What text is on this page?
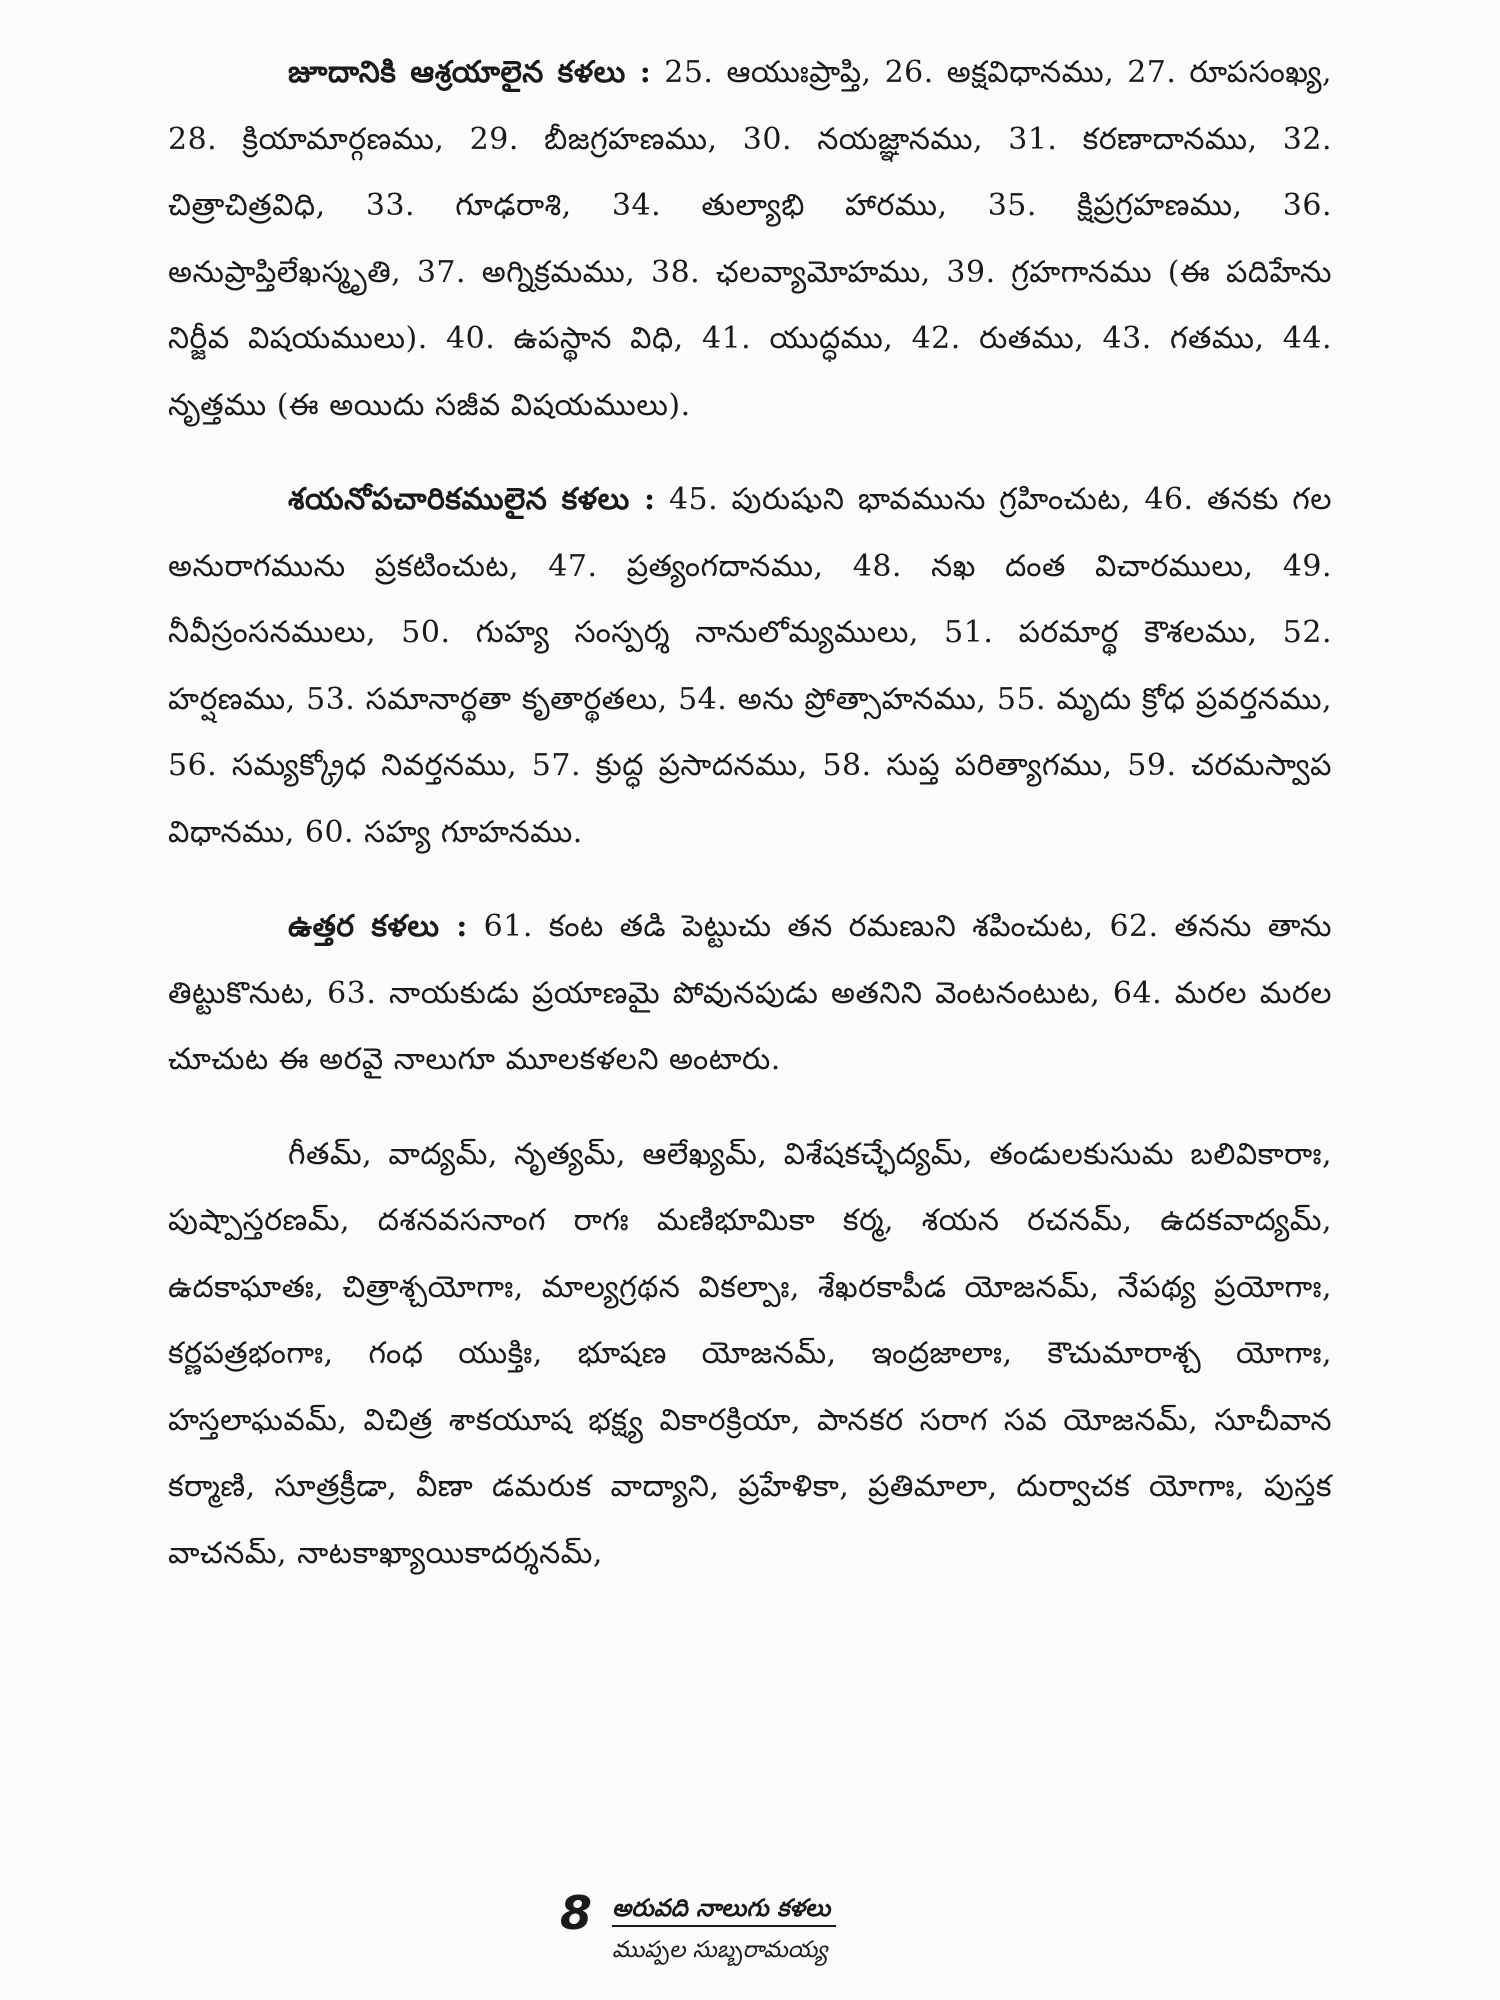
జూదానికి ఆశ్రయాలైన కళలు : 25. ఆయుఃప్రాప్తి, 26. అక్షవిధానము, 27. రూపసంఖ్య, 28. క్రియామార్గణము, 29. బీజగ్రహణము, 30. నయజ్ఞానము, 31. కరణాదానము, 32. చిత్రాచిత్రవిధి, 33. గూఢరాశి, 34. తుల్యాభి హారము, 35. క్షిప్రగ్రహణము, 36. అనుప్రాప్తిలేఖస్మృతి, 37. అగ్నిక్రమము, 38. ఛలవ్యామోహము, 39. గ్రహగానము (ఈ పదిహేను నిర్జీవ విషయములు). 40. ఉపస్థాన విధి, 41. యుద్ధము, 42. రుతము, 43. గతము, 44. నృత్తము (ఈ అయిదు సజీవ విషయములు).

శయనోపచారికములైన కళలు : 45. పురుషుని భావమును గ్రహించుట, 46. తనకు గల అనురాగమును ప్రకటించుట, 47. ప్రత్యంగదానము, 48. నఖ దంత విచారములు, 49. నీవీస్రంసనములు, 50. గుహ్య సంస్పర్శ నానులోమ్యములు, 51. పరమార్థ కౌశలము, 52. హర్షణము, 53. సమానార్థతా కృతార్థతలు, 54. అను ప్రోత్సాహనము, 55. మృదు క్రోధ ప్రవర్తనము, 56. సమ్యక్క్రోధ నివర్తనము, 57. క్రుద్ధ ప్రసాదనము, 58. సుప్త పరిత్యాగము, 59. చరమస్వాప విధానము, 60. సహ్య గూహనము.

ఉత్తర కళలు : 61. కంట తడి పెట్టుచు తన రమణుని శపించుట, 62. తనను తాను తిట్టుకొనుట, 63. నాయకుడు ప్రయాణమై పోవునపుడు అతనిని వెంటనంటుట, 64. మరల మరల చూచుట ఈ అరవై నాలుగూ మూలకళలని అంటారు.

గీతమ్, వాద్యమ్, నృత్యమ్, ఆలేఖ్యమ్, విశేషకచ్ఛేద్యమ్, తండులకుసుమ బలివికారాః, పుష్పాస్తరణమ్, దశనవసనాంగ రాగః మణిభూమికా కర్మ, శయన రచనమ్, ఉదకవాద్యమ్, ఉదకాఘాతః, చిత్రాశ్చయోగాః, మాల్యగ్రథన వికల్పాః, శేఖరకాపీడ యోజనమ్, నేపథ్య ప్రయోగాః, కర్ణపత్రభంగాః, గంధ యుక్తిః, భూషణ యోజనమ్, ఇంద్రజాలాః, కౌచుమారాశ్చ యోగాః, హస్తలాఘవమ్, విచిత్ర శాకయూష భక్ష్య వికారక్రియా, పానకర సరాగ సవ యోజనమ్, సూచీవాన కర్మాణి, సూత్రక్రీడా, వీణా డమరుక వాద్యాని, ప్రహేళికా, ప్రతిమాలా, దుర్వాచక యోగాః, పుస్తక వాచనమ్, నాటకాఖ్యాయికాదర్శనమ్,

8 అరువది నాలుగు కళలు
ముప్పల సుబ్బరామయ్య
